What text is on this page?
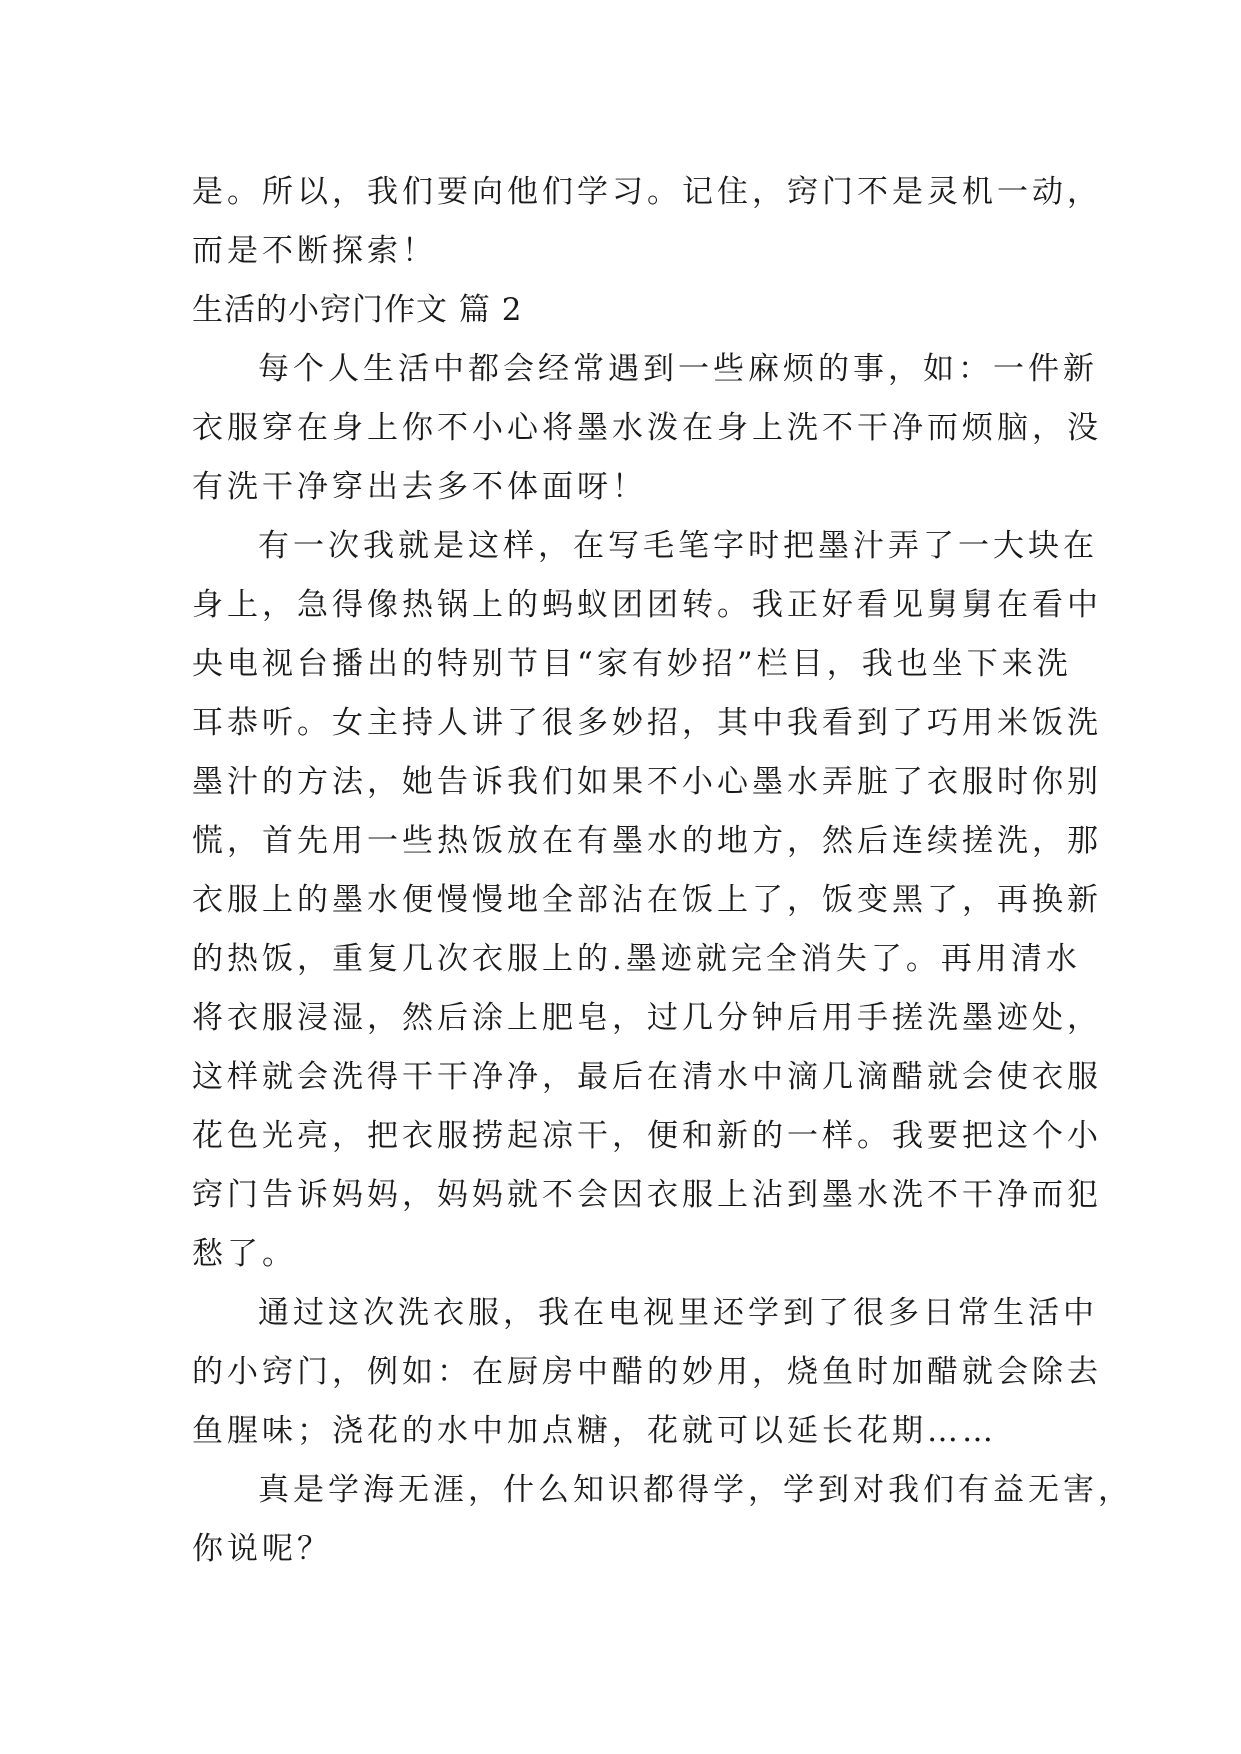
是。所以，我们要向他们学习。记住，窍门不是灵机一动，
而是不断探索！
生活的小窍门作文 篇 2
每个人生活中都会经常遇到一些麻烦的事，如：一件新
衣服穿在身上你不小心将墨水泼在身上洗不干净而烦脑，没
有洗干净穿出去多不体面呀！
有一次我就是这样，在写毛笔字时把墨汁弄了一大块在
身上，急得像热锅上的蚂蚁团团转。我正好看见舅舅在看中
央电视台播出的特别节目“家有妙招”栏目，我也坐下来洗
耳恭听。女主持人讲了很多妙招，其中我看到了巧用米饭洗
墨汁的方法，她告诉我们如果不小心墨水弄脏了衣服时你别
慌，首先用一些热饭放在有墨水的地方，然后连续搓洗，那
衣服上的墨水便慢慢地全部沾在饭上了，饭变黑了，再换新
的热饭，重复几次衣服上的.墨迹就完全消失了。再用清水
将衣服浸湿，然后涂上肥皂，过几分钟后用手搓洗墨迹处，
这样就会洗得干干净净，最后在清水中滴几滴醋就会使衣服
花色光亮，把衣服捞起凉干，便和新的一样。我要把这个小
窍门告诉妈妈，妈妈就不会因衣服上沾到墨水洗不干净而犯
愁了。
通过这次洗衣服，我在电视里还学到了很多日常生活中
的小窍门，例如：在厨房中醋的妙用，烧鱼时加醋就会除去
鱼腥味；浇花的水中加点糖，花就可以延长花期……
真是学海无涯，什么知识都得学，学到对我们有益无害，
你说呢？
